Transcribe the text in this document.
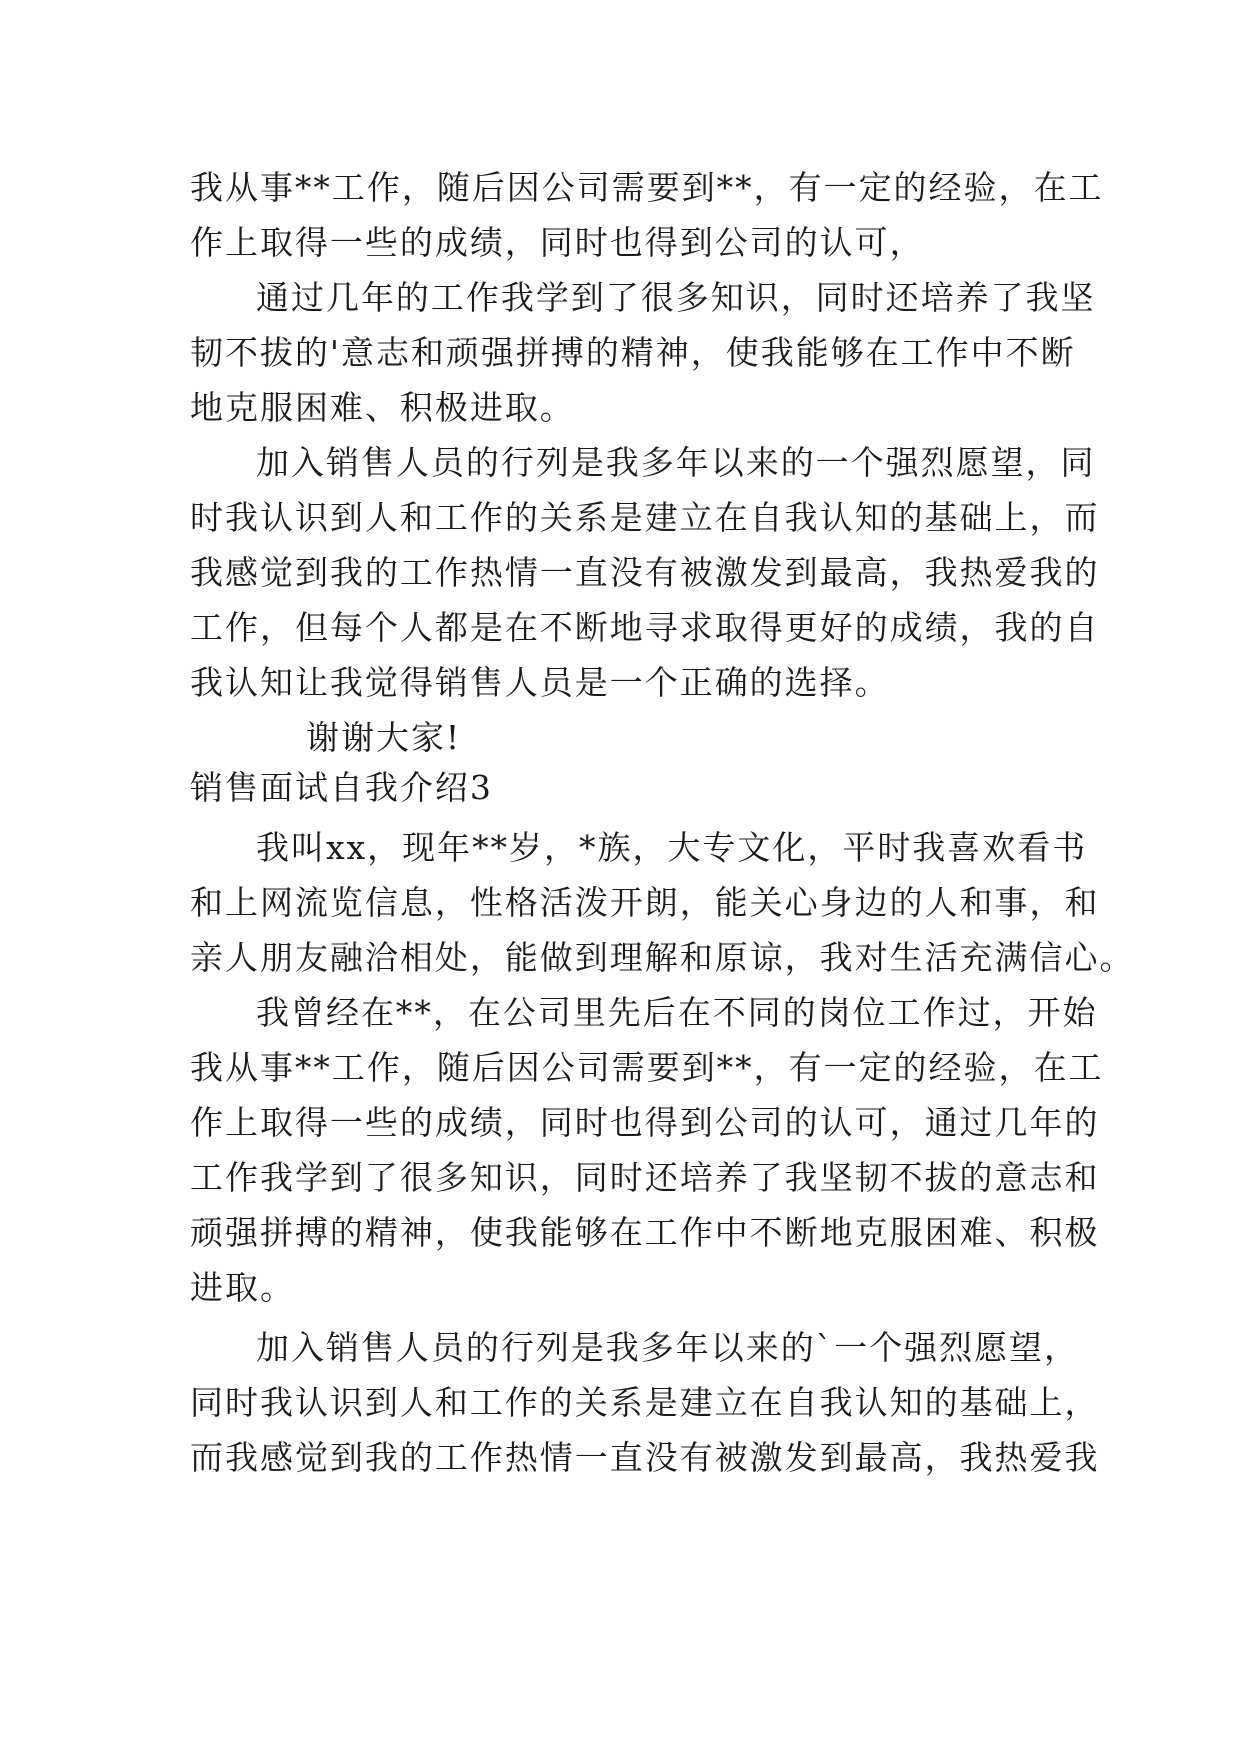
我从事**工作，随后因公司需要到**，有一定的经验，在工

作上取得一些的成绩，同时也得到公司的认可，

通过几年的工作我学到了很多知识，同时还培养了我坚

韧不拔的'意志和顽强拼搏的精神，使我能够在工作中不断

地克服困难、积极进取。

加入销售人员的行列是我多年以来的一个强烈愿望，同

时我认识到人和工作的关系是建立在自我认知的基础上，而

我感觉到我的工作热情一直没有被激发到最高，我热爱我的

工作，但每个人都是在不断地寻求取得更好的成绩，我的自

我认知让我觉得销售人员是一个正确的选择。

谢谢大家!

销售面试自我介绍3

我叫xx，现年**岁，*族，大专文化，平时我喜欢看书

和上网流览信息，性格活泼开朗，能关心身边的人和事，和

亲人朋友融洽相处，能做到理解和原谅，我对生活充满信心。

我曾经在**，在公司里先后在不同的岗位工作过，开始

我从事**工作，随后因公司需要到**，有一定的经验，在工

作上取得一些的成绩，同时也得到公司的认可，通过几年的

工作我学到了很多知识，同时还培养了我坚韧不拔的意志和

顽强拼搏的精神，使我能够在工作中不断地克服困难、积极

进取。

加入销售人员的行列是我多年以来的`一个强烈愿望，

同时我认识到人和工作的关系是建立在自我认知的基础上，

而我感觉到我的工作热情一直没有被激发到最高，我热爱我
